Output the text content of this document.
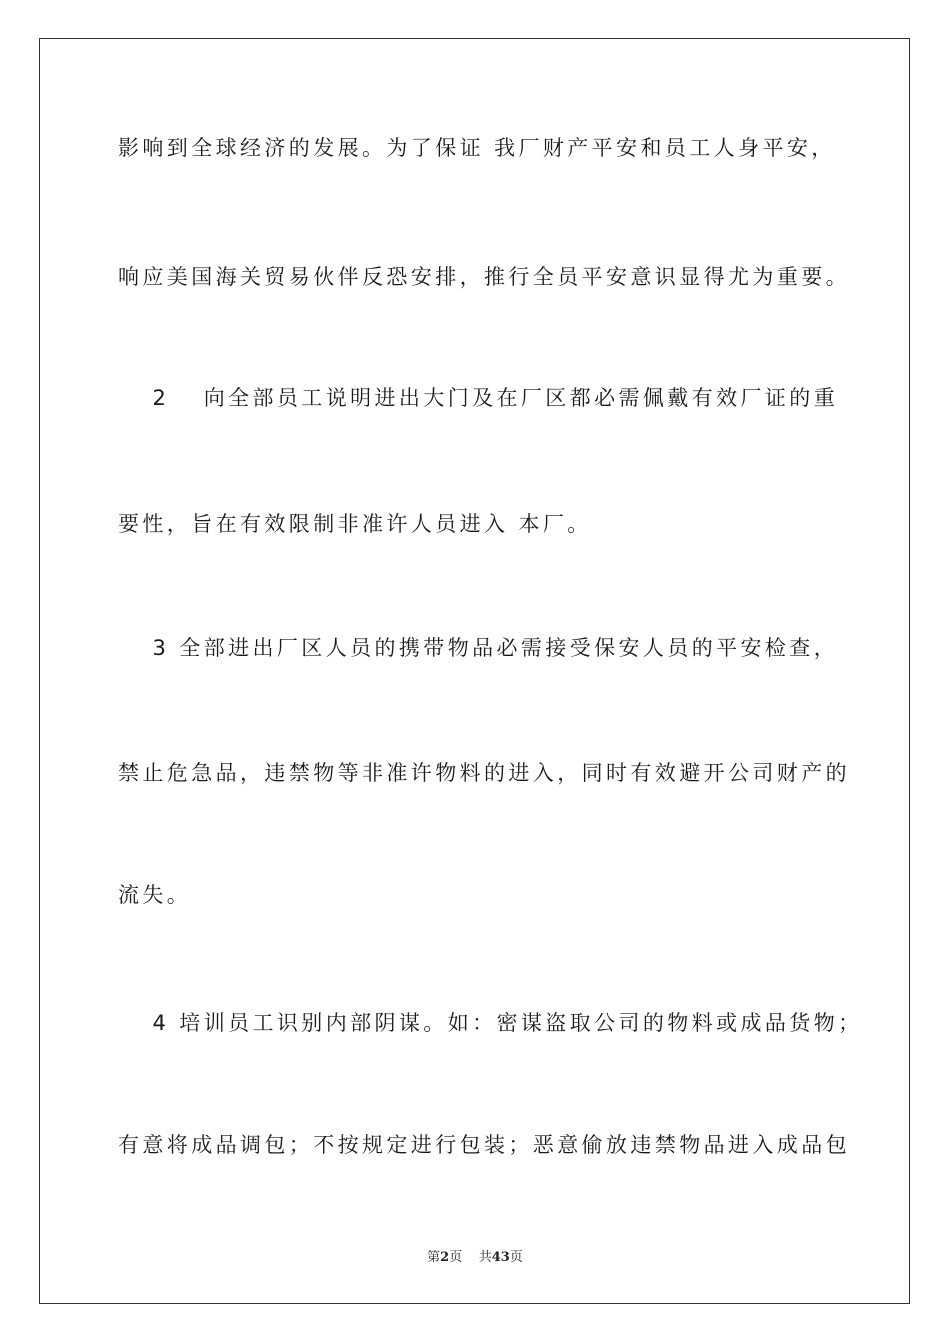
影响到全球经济的发展。为了保证 我厂财产平安和员工人身平安，
响应美国海关贸易伙伴反恐安排，推行全员平安意识显得尤为重要。
　 2　 向全部员工说明进出大门及在厂区都必需佩戴有效厂证的重
要性，旨在有效限制非准许人员进入 本厂。
　 3 全部进出厂区人员的携带物品必需接受保安人员的平安检查，
禁止危急品，违禁物等非准许物料的进入，同时有效避开公司财产的
流失。
　 4 培训员工识别内部阴谋。如：密谋盗取公司的物料或成品货物；
有意将成品调包；不按规定进行包装；恶意偷放违禁物品进入成品包
第2页 共43页
